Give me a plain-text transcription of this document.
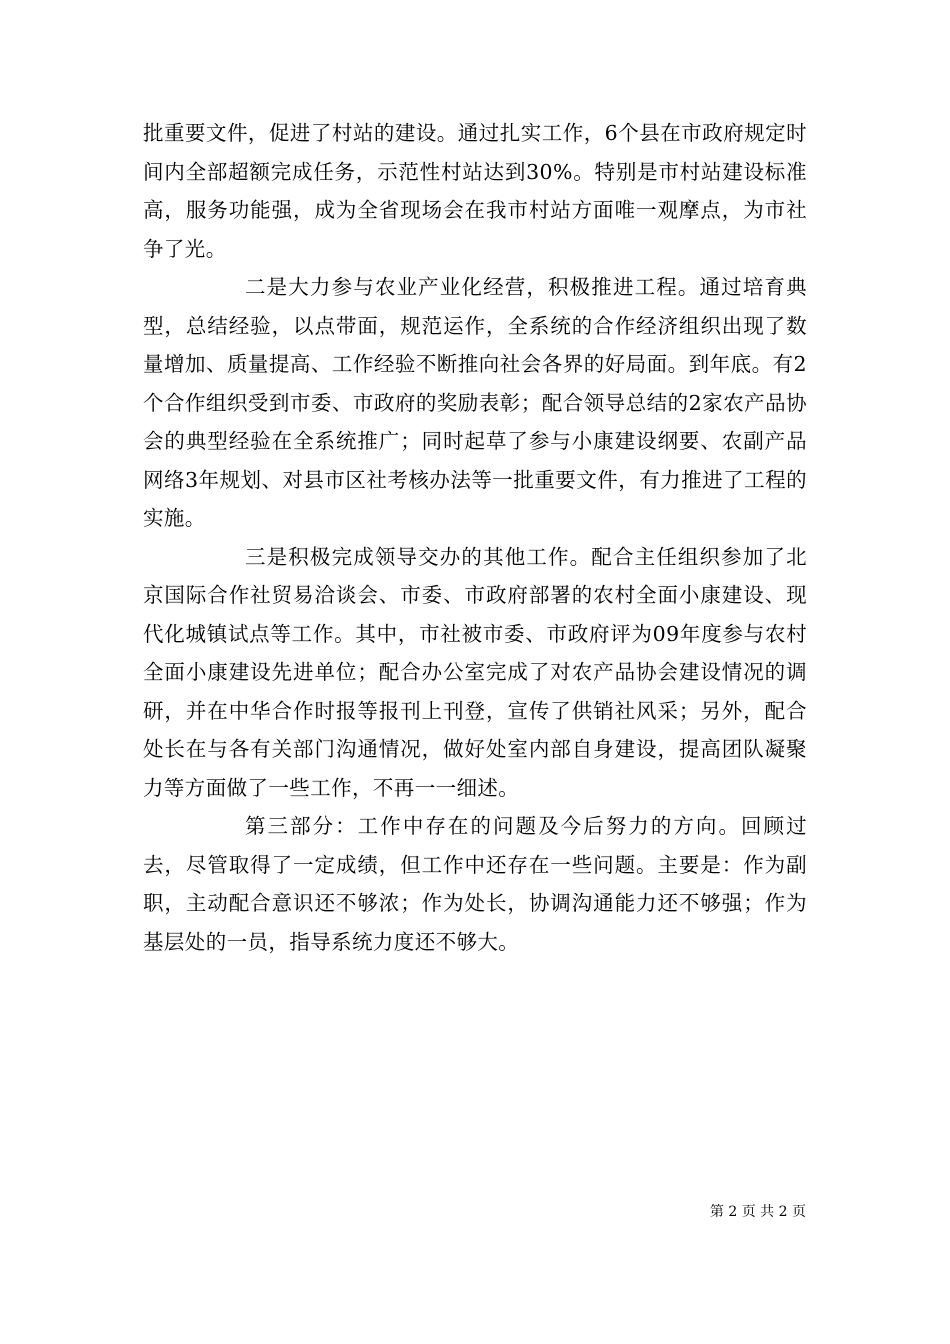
批重要文件，促进了村站的建设。通过扎实工作，6个县在市政府规定时间内全部超额完成任务，示范性村站达到30%。特别是市村站建设标准高，服务功能强，成为全省现场会在我市村站方面唯一观摩点，为市社争了光。

二是大力参与农业产业化经营，积极推进工程。通过培育典型，总结经验，以点带面，规范运作，全系统的合作经济组织出现了数量增加、质量提高、工作经验不断推向社会各界的好局面。到年底。有2个合作组织受到市委、市政府的奖励表彰；配合领导总结的2家农产品协会的典型经验在全系统推广；同时起草了参与小康建设纲要、农副产品网络3年规划、对县市区社考核办法等一批重要文件，有力推进了工程的实施。

三是积极完成领导交办的其他工作。配合主任组织参加了北京国际合作社贸易洽谈会、市委、市政府部署的农村全面小康建设、现代化城镇试点等工作。其中，市社被市委、市政府评为09年度参与农村全面小康建设先进单位；配合办公室完成了对农产品协会建设情况的调研，并在中华合作时报等报刊上刊登，宣传了供销社风采；另外，配合处长在与各有关部门沟通情况，做好处室内部自身建设，提高团队凝聚力等方面做了一些工作，不再一一细述。

第三部分：工作中存在的问题及今后努力的方向。回顾过去，尽管取得了一定成绩，但工作中还存在一些问题。主要是：作为副职，主动配合意识还不够浓；作为处长，协调沟通能力还不够强；作为基层处的一员，指导系统力度还不够大。

第 2 页 共 2 页
